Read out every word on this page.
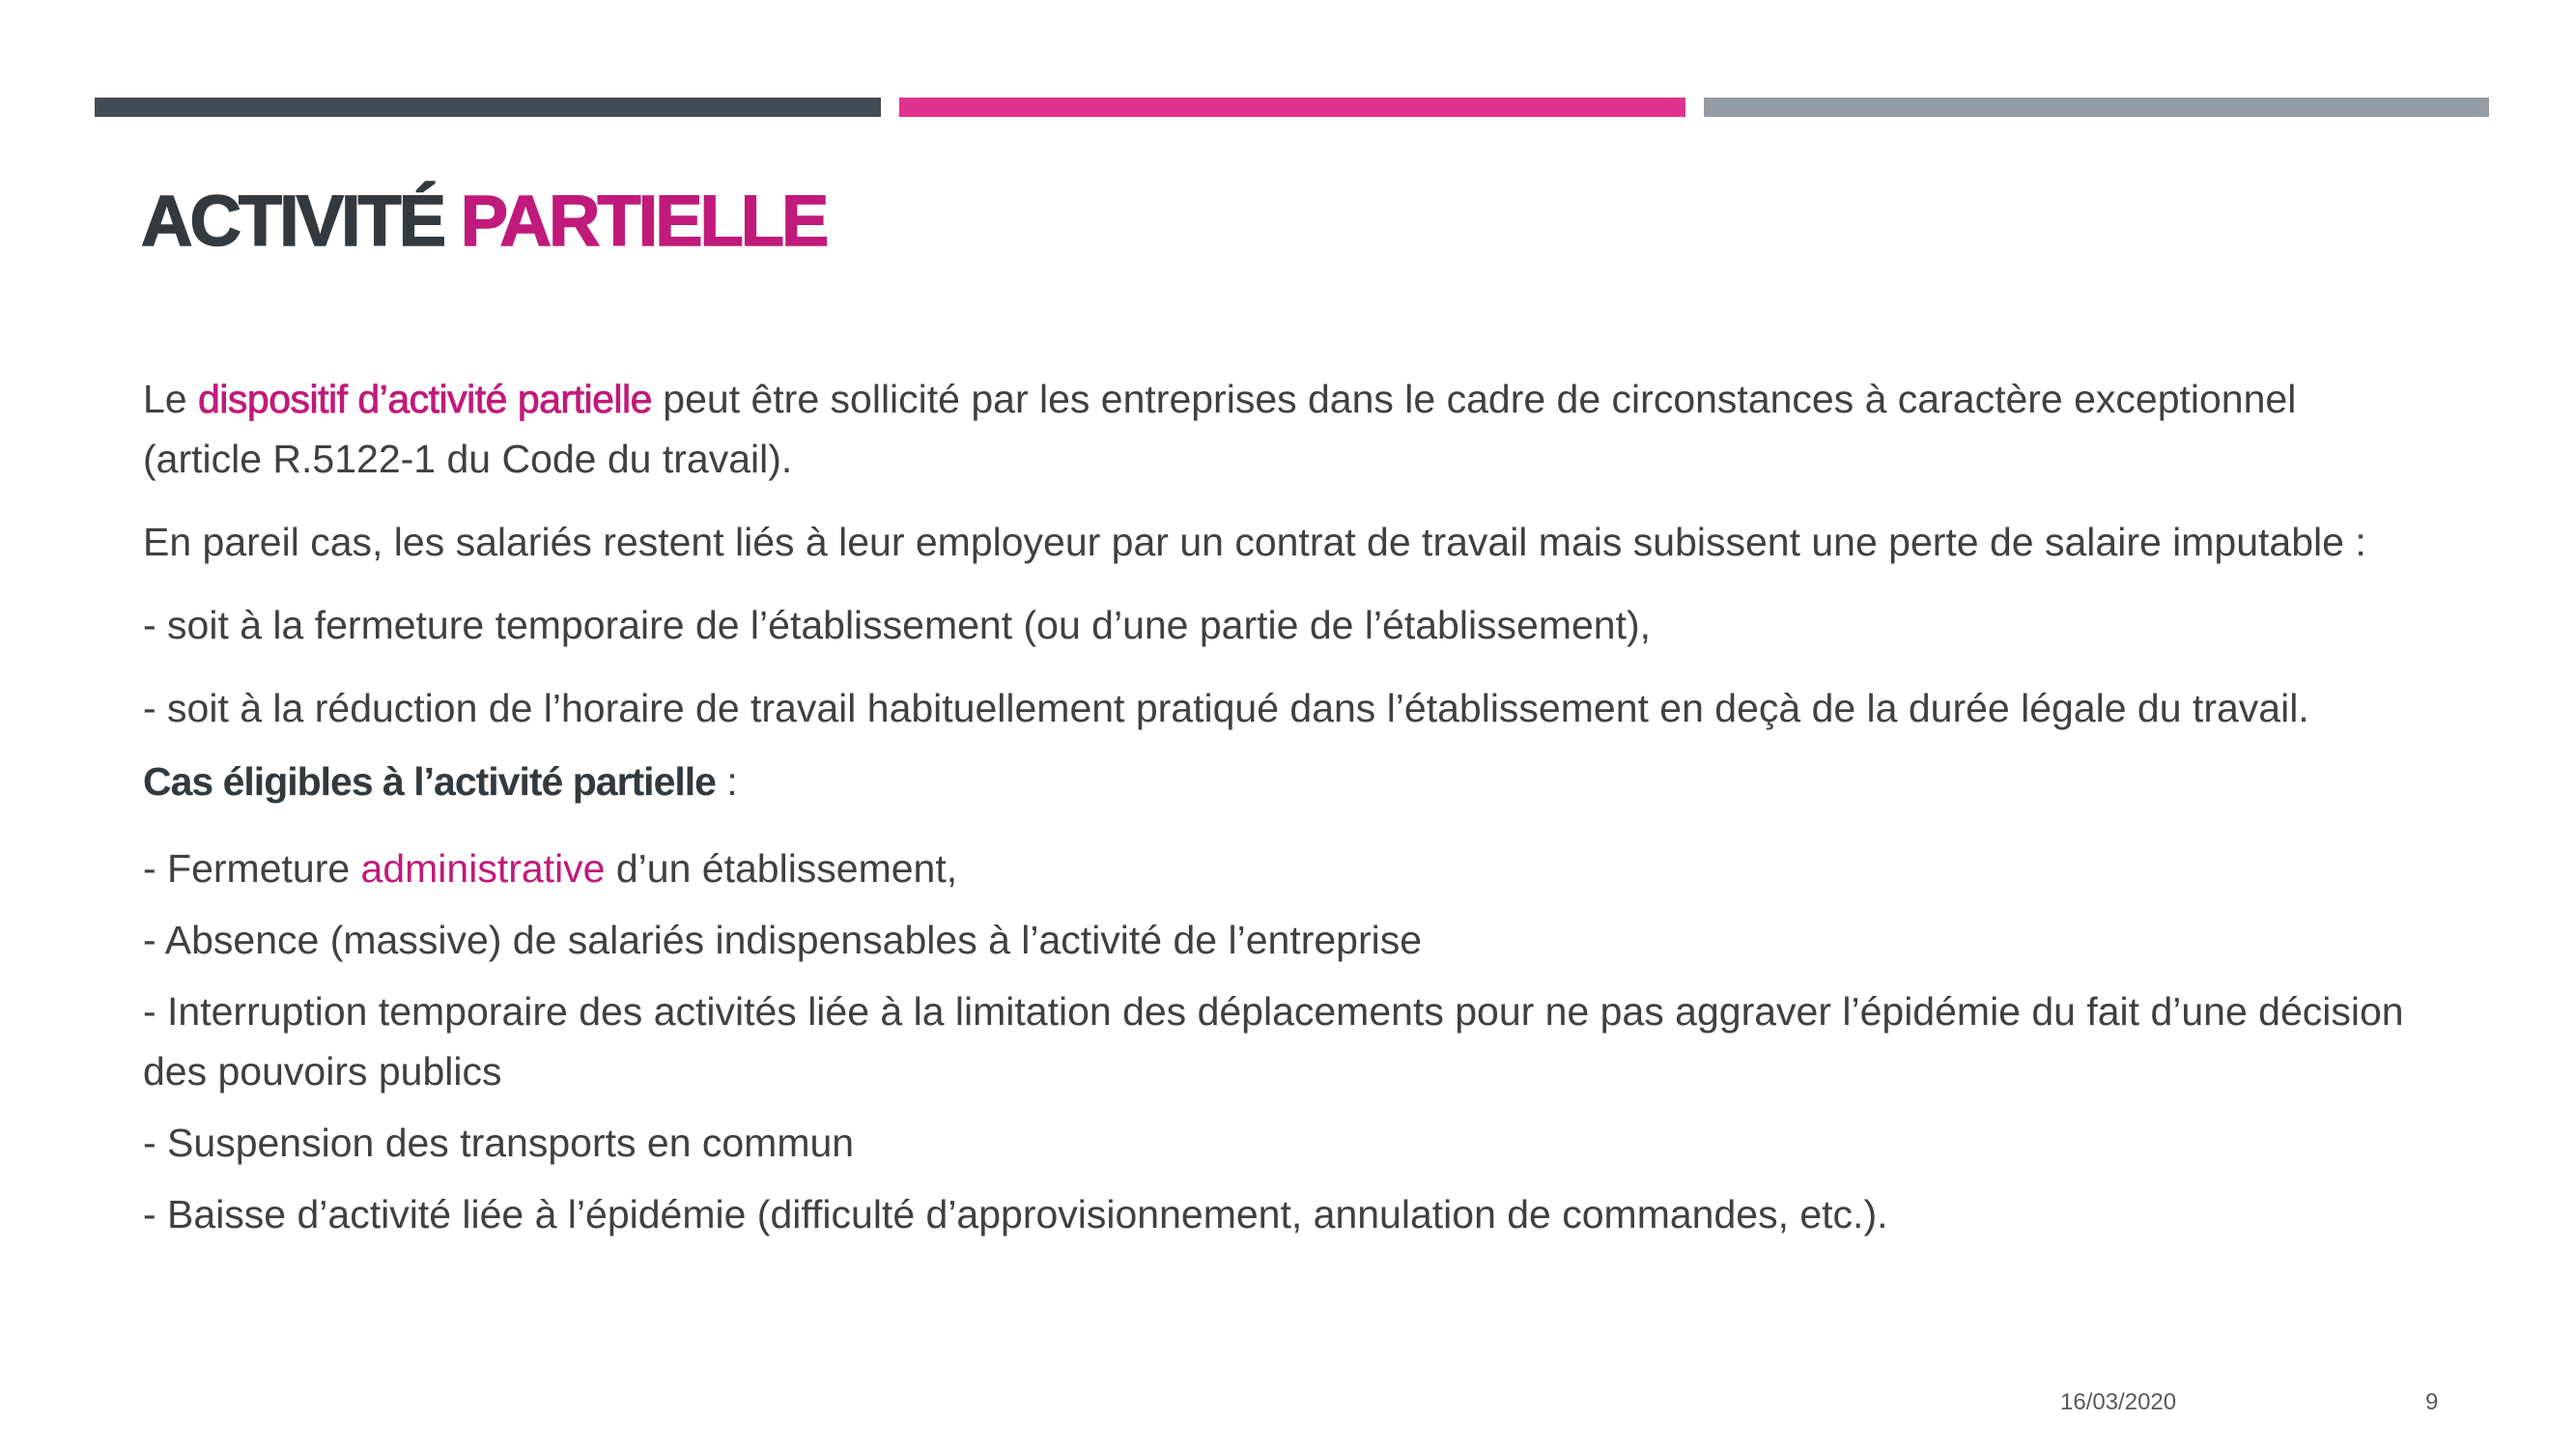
ACTIVITÉ PARTIELLE

Le dispositif d’activité partielle peut être sollicité par les entreprises dans le cadre de circonstances à caractère exceptionnel (article R.5122-1 du Code du travail).

En pareil cas, les salariés restent liés à leur employeur par un contrat de travail mais subissent une perte de salaire imputable :

- soit à la fermeture temporaire de l’établissement (ou d’une partie de l’établissement),

- soit à la réduction de l’horaire de travail habituellement pratiqué dans l’établissement en deçà de la durée légale du travail.

Cas éligibles à l’activité partielle :

- Fermeture administrative d’un établissement,

- Absence (massive) de salariés indispensables à l’activité de l’entreprise

- Interruption temporaire des activités liée à la limitation des déplacements pour ne pas aggraver l’épidémie du fait d’une décision des pouvoirs publics

- Suspension des transports en commun

- Baisse d’activité liée à l’épidémie (difficulté d’approvisionnement, annulation de commandes, etc.).

16/03/2020	9
